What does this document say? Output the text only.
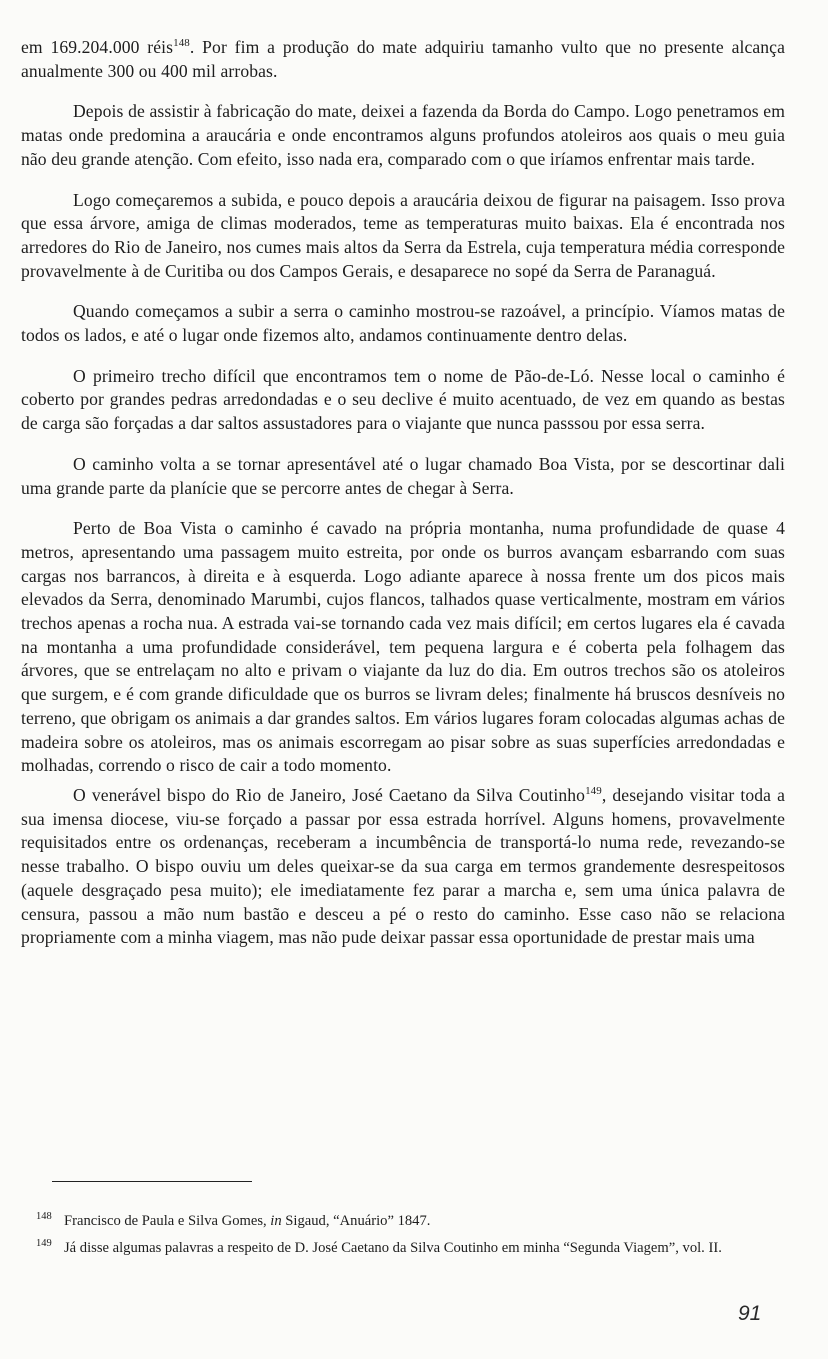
em 169.204.000 réis$^{148}$. Por fim a produção do mate adquiriu tamanho vulto que no presente alcança anualmente 300 ou 400 mil arrobas.

Depois de assistir à fabricação do mate, deixei a fazenda da Borda do Campo. Logo penetramos em matas onde predomina a araucária e onde encontramos alguns profundos atoleiros aos quais o meu guia não deu grande atenção. Com efeito, isso nada era, comparado com o que iríamos enfrentar mais tarde.

Logo começaremos a subida, e pouco depois a araucária deixou de figurar na paisagem. Isso prova que essa árvore, amiga de climas moderados, teme as temperaturas muito baixas. Ela é encontrada nos arredores do Rio de Janeiro, nos cumes mais altos da Serra da Estrela, cuja temperatura média corresponde provavelmente à de Curitiba ou dos Campos Gerais, e desaparece no sopé da Serra de Paranaguá.

Quando começamos a subir a serra o caminho mostrou-se razoável, a princípio. Víamos matas de todos os lados, e até o lugar onde fizemos alto, andamos continuamente dentro delas.

O primeiro trecho difícil que encontramos tem o nome de Pão-de-Ló. Nesse local o caminho é coberto por grandes pedras arredondadas e o seu declive é muito acentuado, de vez em quando as bestas de carga são forçadas a dar saltos assustadores para o viajante que nunca passsou por essa serra.

O caminho volta a se tornar apresentável até o lugar chamado Boa Vista, por se descortinar dali uma grande parte da planície que se percorre antes de chegar à Serra.

Perto de Boa Vista o caminho é cavado na própria montanha, numa profundidade de quase 4 metros, apresentando uma passagem muito estreita, por onde os burros avançam esbarrando com suas cargas nos barrancos, à direita e à esquerda. Logo adiante aparece à nossa frente um dos picos mais elevados da Serra, denominado Marumbi, cujos flancos, talhados quase verticalmente, mostram em vários trechos apenas a rocha nua. A estrada vai-se tornando cada vez mais difícil; em certos lugares ela é cavada na montanha a uma profundidade considerável, tem pequena largura e é coberta pela folhagem das árvores, que se entrelaçam no alto e privam o viajante da luz do dia. Em outros trechos são os atoleiros que surgem, e é com grande dificuldade que os burros se livram deles; finalmente há bruscos desníveis no terreno, que obrigam os animais a dar grandes saltos. Em vários lugares foram colocadas algumas achas de madeira sobre os atoleiros, mas os animais escorregam ao pisar sobre as suas superfícies arredondadas e molhadas, correndo o risco de cair a todo momento.

O venerável bispo do Rio de Janeiro, José Caetano da Silva Coutinho$^{149}$, desejando visitar toda a sua imensa diocese, viu-se forçado a passar por essa estrada horrível. Alguns homens, provavelmente requisitados entre os ordenanças, receberam a incumbência de transportá-lo numa rede, revezando-se nesse trabalho. O bispo ouviu um deles queixar-se da sua carga em termos grandemente desrespeitosos (aquele desgraçado pesa muito); ele imediatamente fez parar a marcha e, sem uma única palavra de censura, passou a mão num bastão e desceu a pé o resto do caminho. Esse caso não se relaciona propriamente com a minha viagem, mas não pude deixar passar essa oportunidade de prestar mais uma

148 Francisco de Paula e Silva Gomes, in Sigaud, “Anuário” 1847.
149 Já disse algumas palavras a respeito de D. José Caetano da Silva Coutinho em minha “Segunda Viagem”, vol. II.
91
